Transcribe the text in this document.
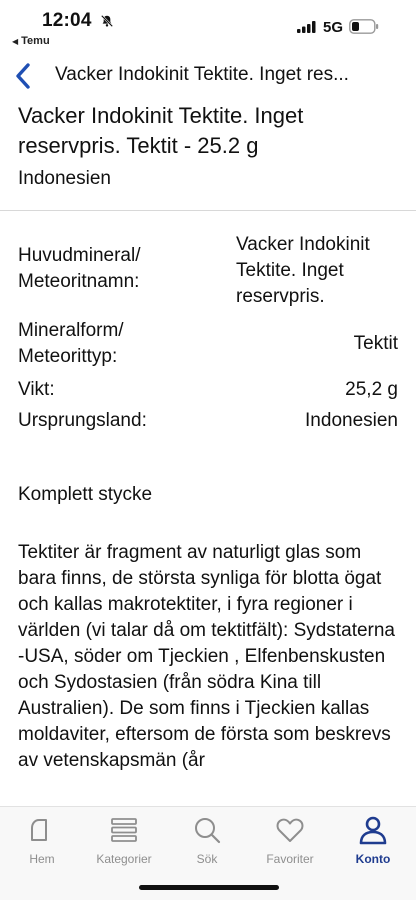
12:04
◀ Temu
5G
Vacker Indokinit Tektite. Inget res...
Vacker Indokinit Tektite. Inget reservpris. Tektit - 25.2 g
Indonesien
Huvudmineral/ Meteoritnamn:
Vacker Indokinit Tektite. Inget reservpris.
Mineralform/ Meteorittyp:
Tektit
Vikt:	25,2 g
Ursprungsland:	Indonesien
Komplett stycke
Tektiter är fragment av naturligt glas som bara finns, de största synliga för blotta ögat och kallas makrotektiter, i fyra regioner i världen (vi talar då om tektitfält): Sydstaterna -USA, söder om Tjeckien , Elfenbenskusten och Sydostasien (från södra Kina till Australien). De som finns i Tjeckien kallas moldaviter, eftersom de första som beskrevs av vetenskapsmän (år
Hem	Kategorier	Sök	Favoriter	Konto
